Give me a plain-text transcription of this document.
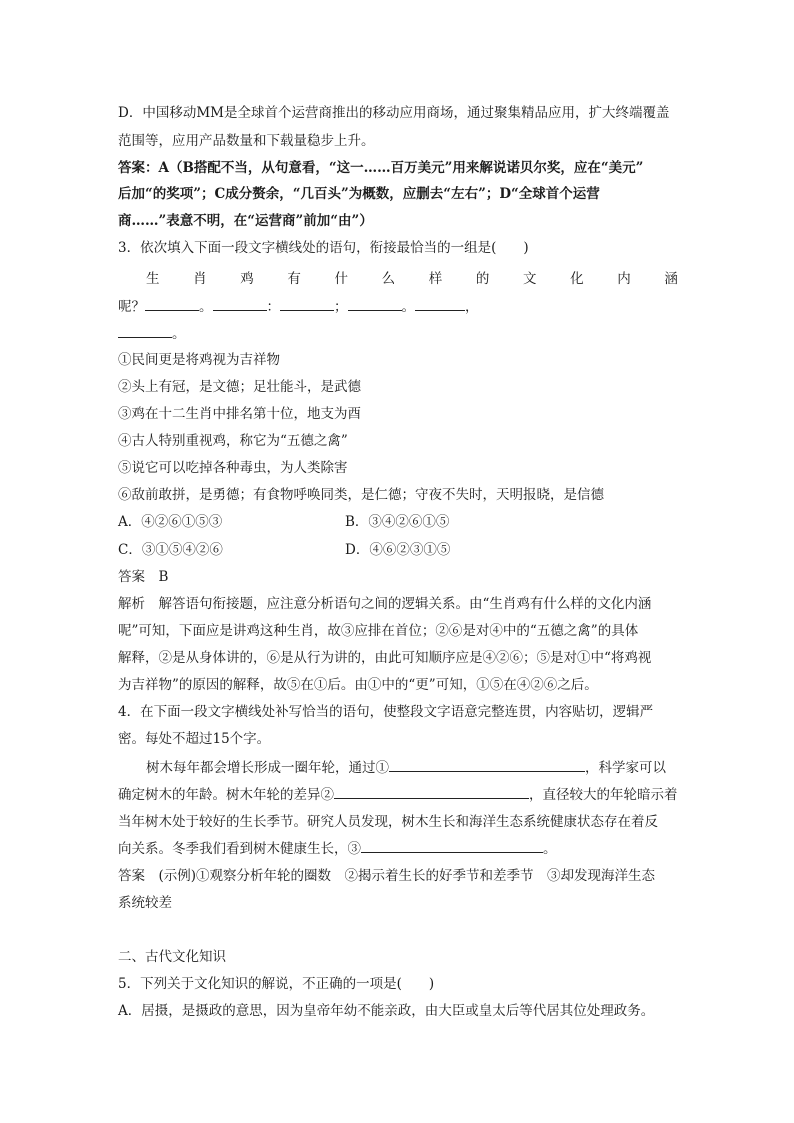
D．中国移动MM是全球首个运营商推出的移动应用商场，通过聚集精品应用，扩大终端覆盖
范围等，应用产品数量和下载量稳步上升。
答案：A（B搭配不当，从句意看，“这一……百万美元”用来解说诺贝尔奖，应在“美元”
后加“的奖项”；C成分赘余，“几百头”为概数，应删去“左右”；D“全球首个运营
商……”表意不明，在“运营商”前加“由”）
3．依次填入下面一段文字横线处的语句，衔接最恰当的一组是(　　)
生 肖 鸡 有 什 么 样 的 文 化 内 涵
呢？	。	：	；	。	，
。
①民间更是将鸡视为吉祥物
②头上有冠，是文德；足壮能斗，是武德
③鸡在十二生肖中排名第十位，地支为酉
④古人特别重视鸡，称它为“五德之禽”
⑤说它可以吃掉各种毒虫，为人类除害
⑥敌前敢拼，是勇德；有食物呼唤同类，是仁德；守夜不失时，天明报晓，是信德
A．④②⑥①⑤③	B．③④②⑥①⑤
C．③①⑤④②⑥	D．④⑥②③①⑤
答案　B
解析　解答语句衔接题，应注意分析语句之间的逻辑关系。由“生肖鸡有什么样的文化内涵
呢”可知，下面应是讲鸡这种生肖，故③应排在首位；②⑥是对④中的“五德之禽”的具体
解释，②是从身体讲的，⑥是从行为讲的，由此可知顺序应是④②⑥；⑤是对①中“将鸡视
为吉祥物”的原因的解释，故⑤在①后。由①中的“更”可知，①⑤在④②⑥之后。
4．在下面一段文字横线处补写恰当的语句，使整段文字语意完整连贯，内容贴切，逻辑严
密。每处不超过15个字。
树木每年都会增长形成一圈年轮，通过①	，科学家可以
确定树木的年龄。树木年轮的差异②	，直径较大的年轮暗示着
当年树木处于较好的生长季节。研究人员发现，树木生长和海洋生态系统健康状态存在着反
向关系。冬季我们看到树木健康生长，③	。
答案　(示例)①观察分析年轮的圈数　②揭示着生长的好季节和差季节　③却发现海洋生态
系统较差
二、古代文化知识
5．下列关于文化知识的解说，不正确的一项是(　　)
A．居摄，是摄政的意思，因为皇帝年幼不能亲政，由大臣或皇太后等代居其位处理政务。
